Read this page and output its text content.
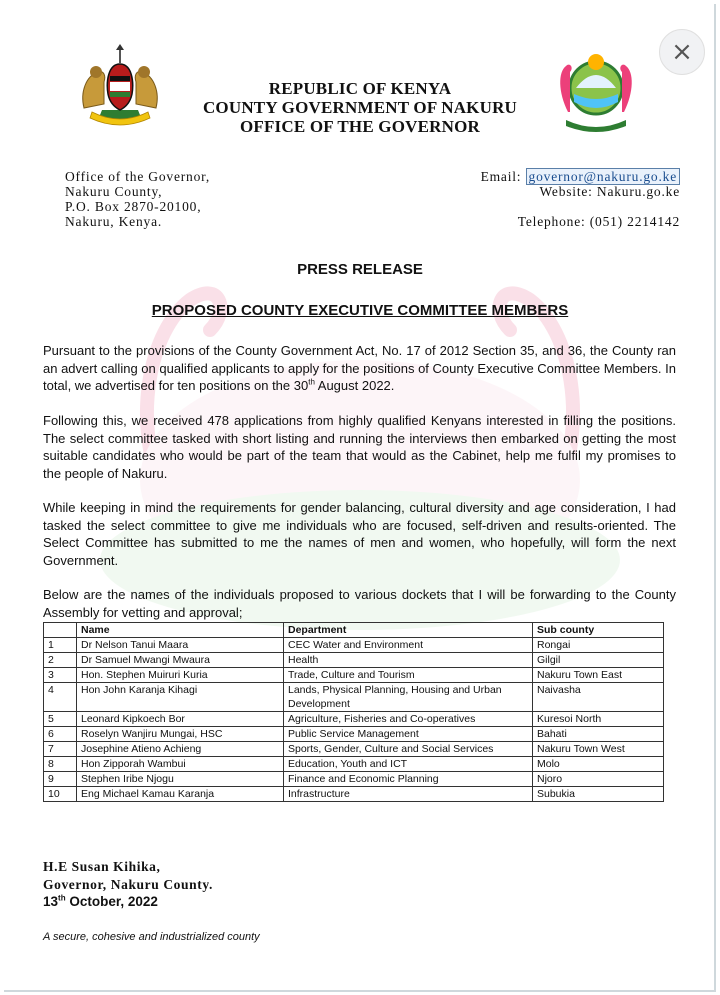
×
REPUBLIC OF KENYA
COUNTY GOVERNMENT OF NAKURU
OFFICE OF THE GOVERNOR
Office of the Governor,
Nakuru County,
P.O. Box 2870-20100,
Nakuru, Kenya.
Email: governor@nakuru.go.ke
Website: Nakuru.go.ke
Telephone: (051) 2214142
PRESS RELEASE
PROPOSED COUNTY EXECUTIVE COMMITTEE MEMBERS
Pursuant to the provisions of the County Government Act, No. 17 of 2012 Section 35, and 36, the County ran an advert calling on qualified applicants to apply for the positions of County Executive Committee Members. In total, we advertised for ten positions on the 30th August 2022.
Following this, we received 478 applications from highly qualified Kenyans interested in filling the positions. The select committee tasked with short listing and running the interviews then embarked on getting the most suitable candidates who would be part of the team that would as the Cabinet, help me fulfil my promises to the people of Nakuru.
While keeping in mind the requirements for gender balancing, cultural diversity and age consideration, I had tasked the select committee to give me individuals who are focused, self-driven and results-oriented. The Select Committee has submitted to me the names of men and women, who hopefully, will form the next Government.
Below are the names of the individuals proposed to various dockets that I will be forwarding to the County Assembly for vetting and approval;
	Name	Department	Sub county
1	Dr Nelson Tanui Maara	CEC Water and Environment	Rongai
2	Dr Samuel Mwangi Mwaura	Health	Gilgil
3	Hon. Stephen Muiruri Kuria	Trade, Culture and Tourism	Nakuru Town East
4	Hon John Karanja Kihagi	Lands, Physical Planning, Housing and Urban Development	Naivasha
5	Leonard Kipkoech Bor	Agriculture, Fisheries and Co-operatives	Kuresoi North
6	Roselyn Wanjiru Mungai, HSC	Public Service Management	Bahati
7	Josephine Atieno Achieng	Sports, Gender, Culture and Social Services	Nakuru Town West
8	Hon Zipporah Wambui	Education, Youth and ICT	Molo
9	Stephen Iribe Njogu	Finance and Economic Planning	Njoro
10	Eng Michael Kamau Karanja	Infrastructure	Subukia
H.E Susan Kihika,
Governor, Nakuru County.
13th October, 2022
A secure, cohesive and industrialized county
